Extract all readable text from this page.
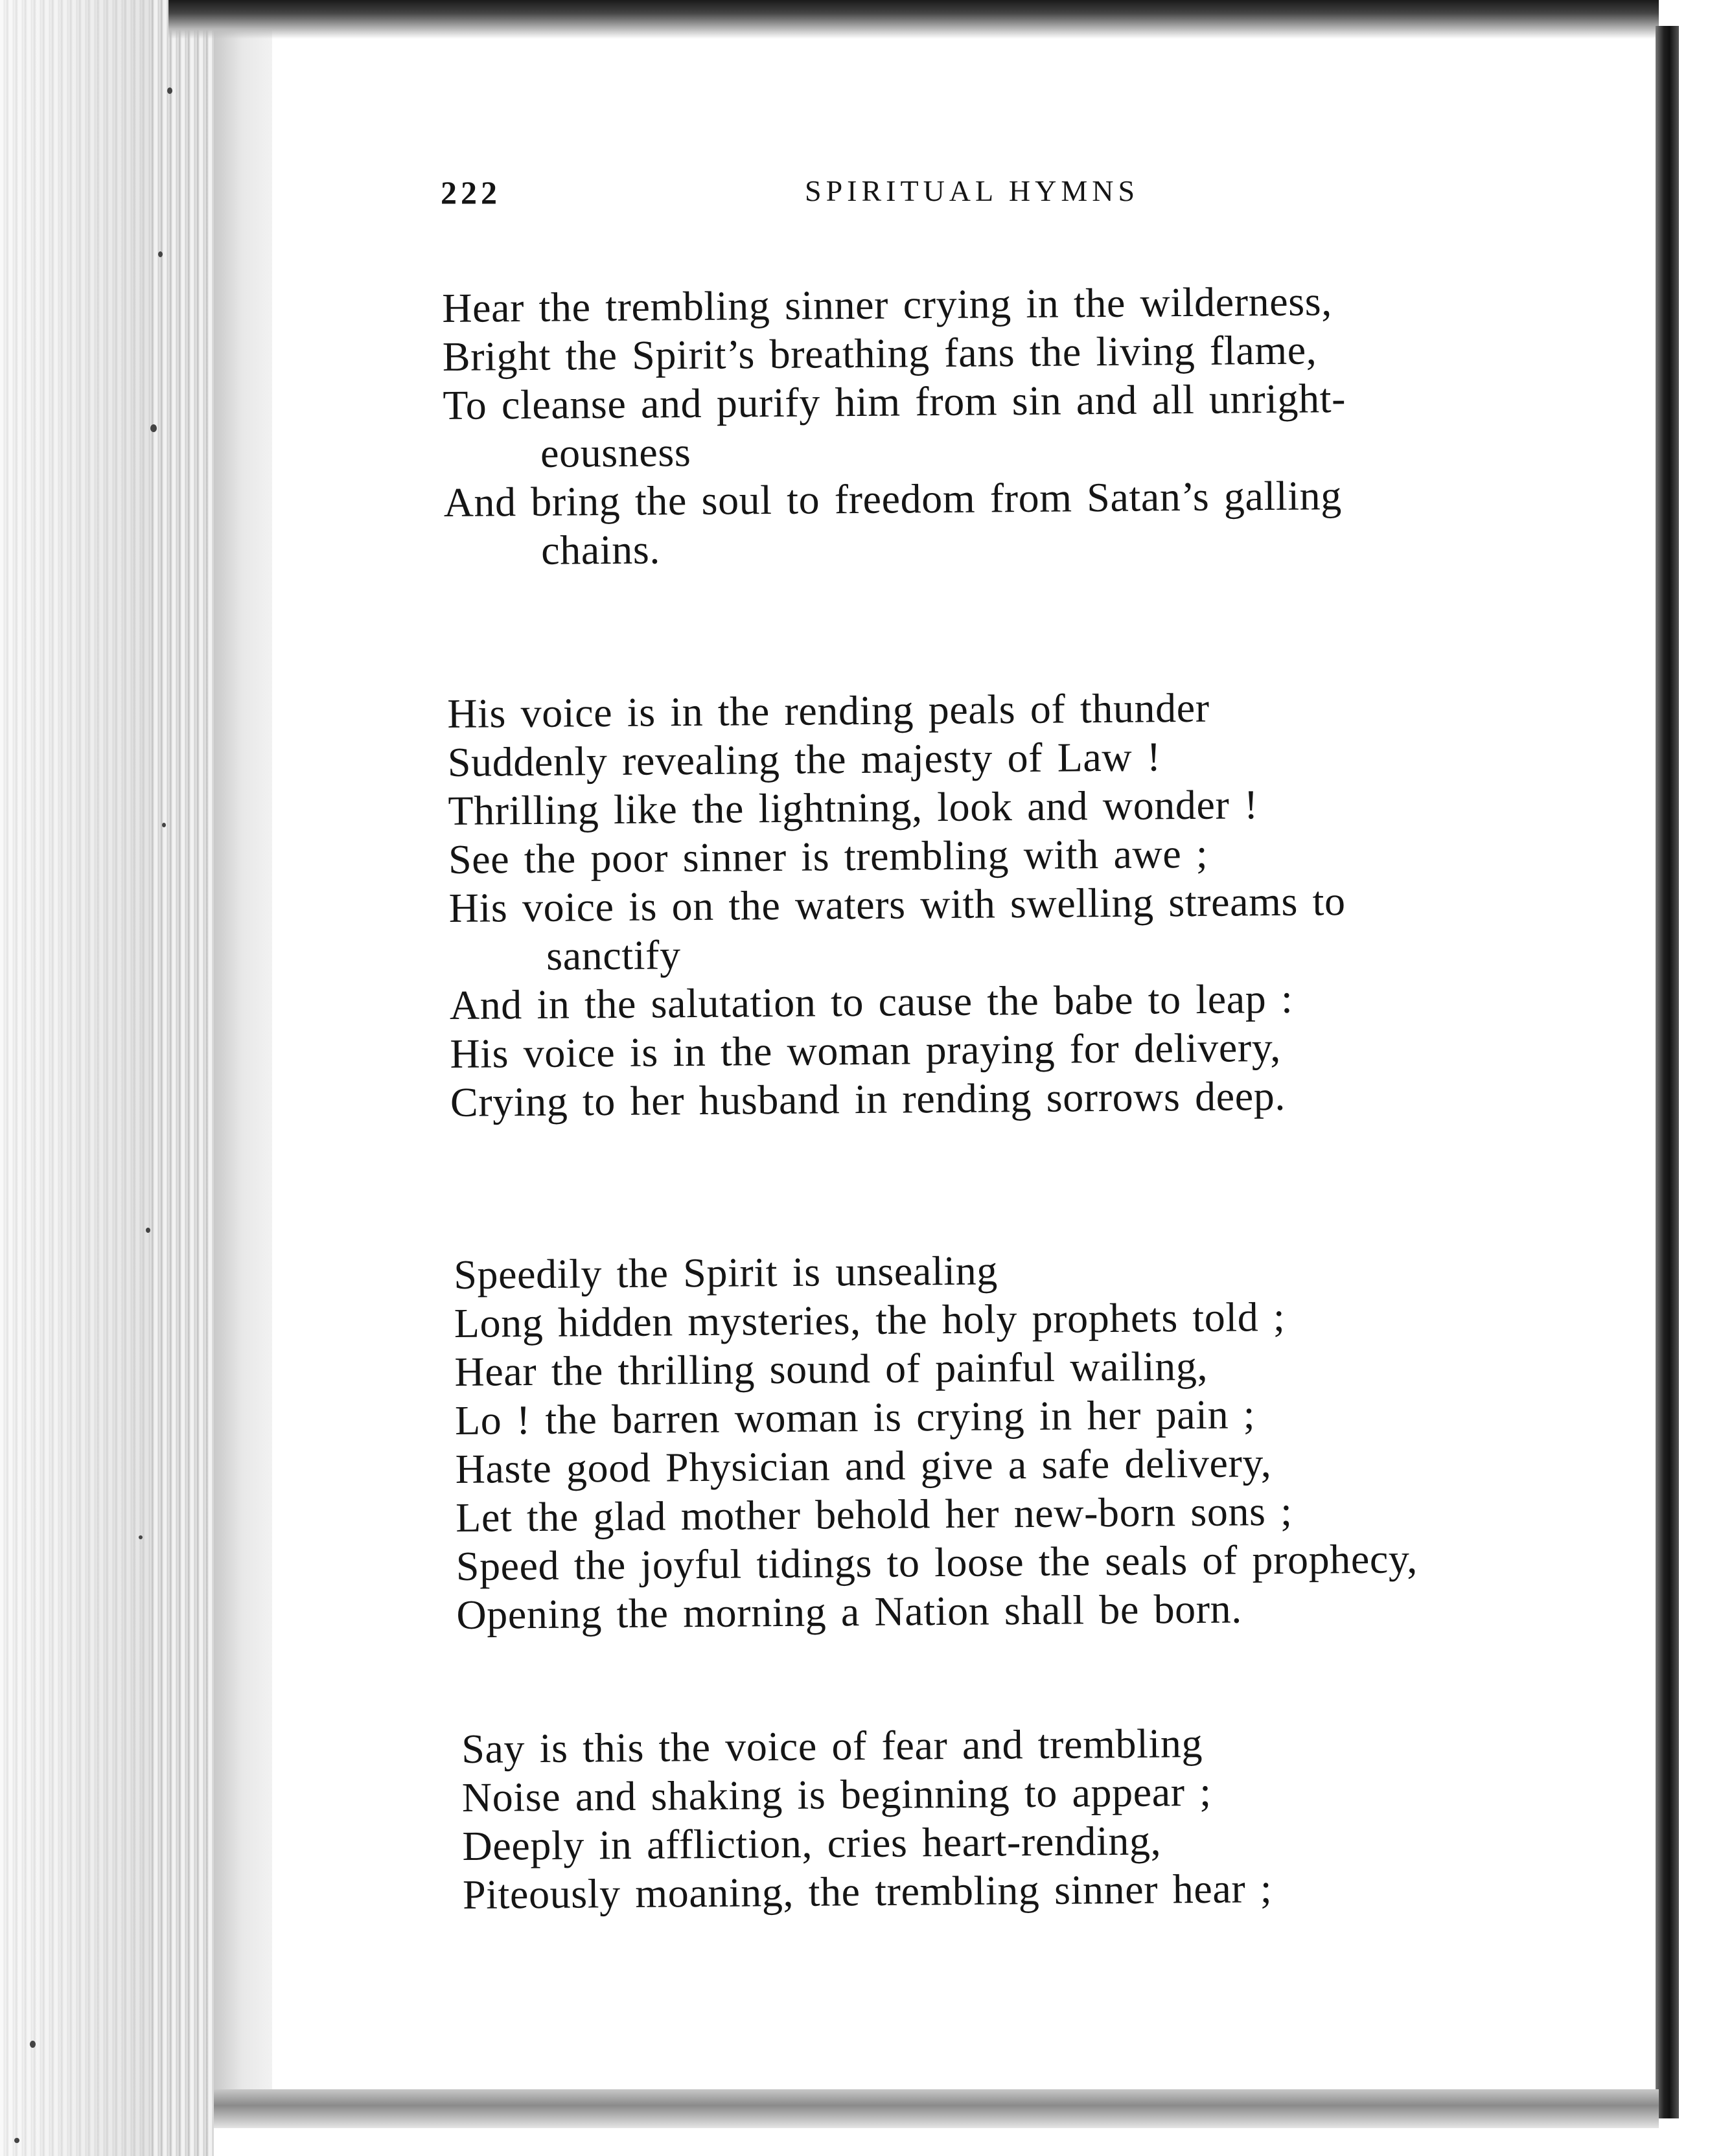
222	SPIRITUAL HYMNS
Hear the trembling sinner crying in the wilderness,
Bright the Spirit’s breathing fans the living flame,
To cleanse and purify him from sin and all unright-
eousness
And bring the soul to freedom from Satan’s galling
chains.
His voice is in the rending peals of thunder
Suddenly revealing the majesty of Law !
Thrilling like the lightning, look and wonder !
See the poor sinner is trembling with awe ;
His voice is on the waters with swelling streams to
sanctify
And in the salutation to cause the babe to leap :
His voice is in the woman praying for delivery,
Crying to her husband in rending sorrows deep.
Speedily the Spirit is unsealing
Long hidden mysteries, the holy prophets told ;
Hear the thrilling sound of painful wailing,
Lo ! the barren woman is crying in her pain ;
Haste good Physician and give a safe delivery,
Let the glad mother behold her new-born sons ;
Speed the joyful tidings to loose the seals of prophecy,
Opening the morning a Nation shall be born.
Say is this the voice of fear and trembling
Noise and shaking is beginning to appear ;
Deeply in affliction, cries heart-rending,
Piteously moaning, the trembling sinner hear ;
